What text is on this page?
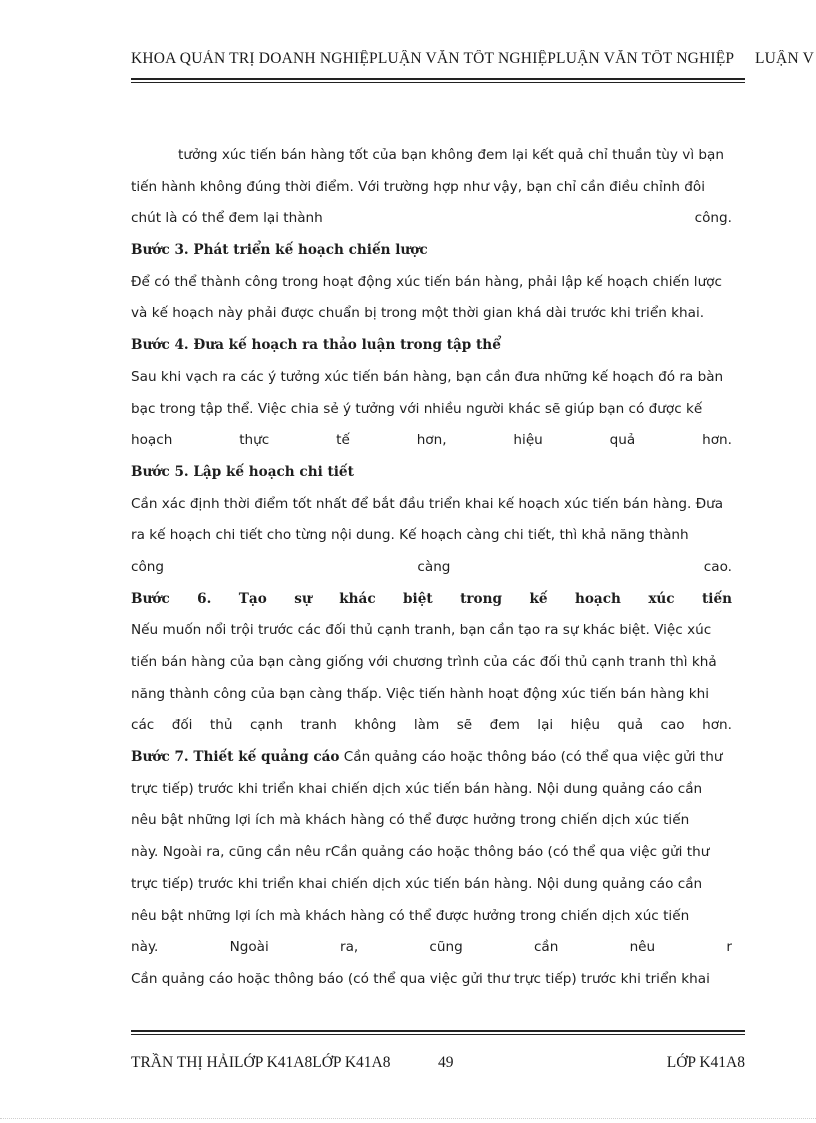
KHOA QUẢN TRỊ DOANH NGHIỆPLUẬN VĂN TỐT NGHIỆPLUẬN VĂN TỐT NGHIỆP LUẬN V
tưởng xúc tiến bán hàng tốt của bạn không đem lại kết quả chỉ thuần tùy vì bạn
tiến hành không đúng thời điểm. Với trường hợp như vậy, bạn chỉ cần điều chỉnh đôi
chút là có thể đem lại thành	công.
Bước 3. Phát triển kế hoạch chiến lược
Để có thể thành công trong hoạt động xúc tiến bán hàng, phải lập kế hoạch chiến lược
và kế hoạch này phải được chuẩn bị trong một thời gian khá dài trước khi triển khai.
Bước 4. Đưa kế hoạch ra thảo luận trong tập thể
Sau khi vạch ra các ý tưởng xúc tiến bán hàng, bạn cần đưa những kế hoạch đó ra bàn
bạc trong tập thể. Việc chia sẻ ý tưởng với nhiều người khác sẽ giúp bạn có được kế
hoạch	thực	tế	hơn,	hiệu	quả	hơn.
Bước 5. Lập kế hoạch chi tiết
Cần xác định thời điểm tốt nhất để bắt đầu triển khai kế hoạch xúc tiến bán hàng. Đưa
ra kế hoạch chi tiết cho từng nội dung. Kế hoạch càng chi tiết, thì khả năng thành
công	càng	cao.
Bước 6. Tạo sự khác biệt trong kế hoạch xúc tiến
Nếu muốn nổi trội trước các đối thủ cạnh tranh, bạn cần tạo ra sự khác biệt. Việc xúc
tiến bán hàng của bạn càng giống với chương trình của các đối thủ cạnh tranh thì khả
năng thành công của bạn càng thấp. Việc tiến hành hoạt động xúc tiến bán hàng khi
các đối thủ cạnh tranh không làm sẽ đem lại hiệu quả cao hơn.
Bước 7. Thiết kế quảng cáo Cần quảng cáo hoặc thông báo (có thể qua việc gửi thư
trực tiếp) trước khi triển khai chiến dịch xúc tiến bán hàng. Nội dung quảng cáo cần
nêu bật những lợi ích mà khách hàng có thể được hưởng trong chiến dịch xúc tiến
này. Ngoài ra, cũng cần nêu rCần quảng cáo hoặc thông báo (có thể qua việc gửi thư
trực tiếp) trước khi triển khai chiến dịch xúc tiến bán hàng. Nội dung quảng cáo cần
nêu bật những lợi ích mà khách hàng có thể được hưởng trong chiến dịch xúc tiến
này.	Ngoài	ra,	cũng	cần	nêu	r
Cần quảng cáo hoặc thông báo (có thể qua việc gửi thư trực tiếp) trước khi triển khai
TRẦN THỊ HẢILỚP K41A8LỚP K41A8	49	LỚP K41A8
